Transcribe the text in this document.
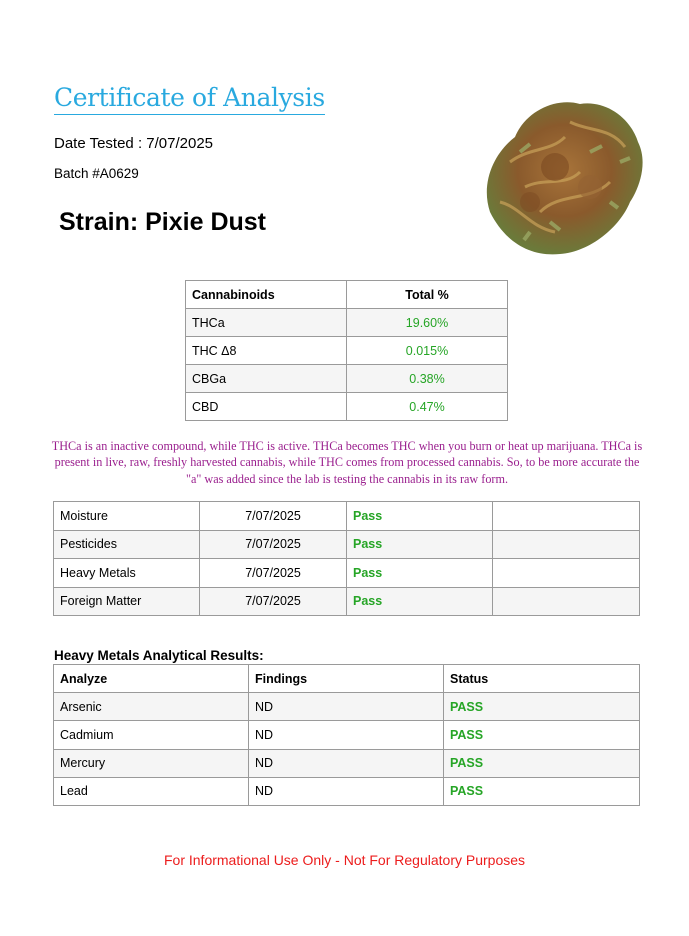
Certificate of Analysis
Date Tested : 7/07/2025
Batch #A0629
Strain: Pixie Dust
Cannabinoids	Total %
THCa	19.60%
THC Δ8	0.015%
CBGa	0.38%
CBD	0.47%

THCa is an inactive compound, while THC is active. THCa becomes THC when you burn or heat up marijuana. THCa is present in live, raw, freshly harvested cannabis, while THC comes from processed cannabis. So, to be more accurate the "a" was added since the lab is testing the cannabis in its raw form.

Moisture	7/07/2025	Pass	
Pesticides	7/07/2025	Pass	
Heavy Metals	7/07/2025	Pass	
Foreign Matter	7/07/2025	Pass	
Heavy Metals Analytical Results:
Analyze	Findings	Status
Arsenic	ND	PASS
Cadmium	ND	PASS
Mercury	ND	PASS
Lead	ND	PASS
For Informational Use Only - Not For Regulatory Purposes
